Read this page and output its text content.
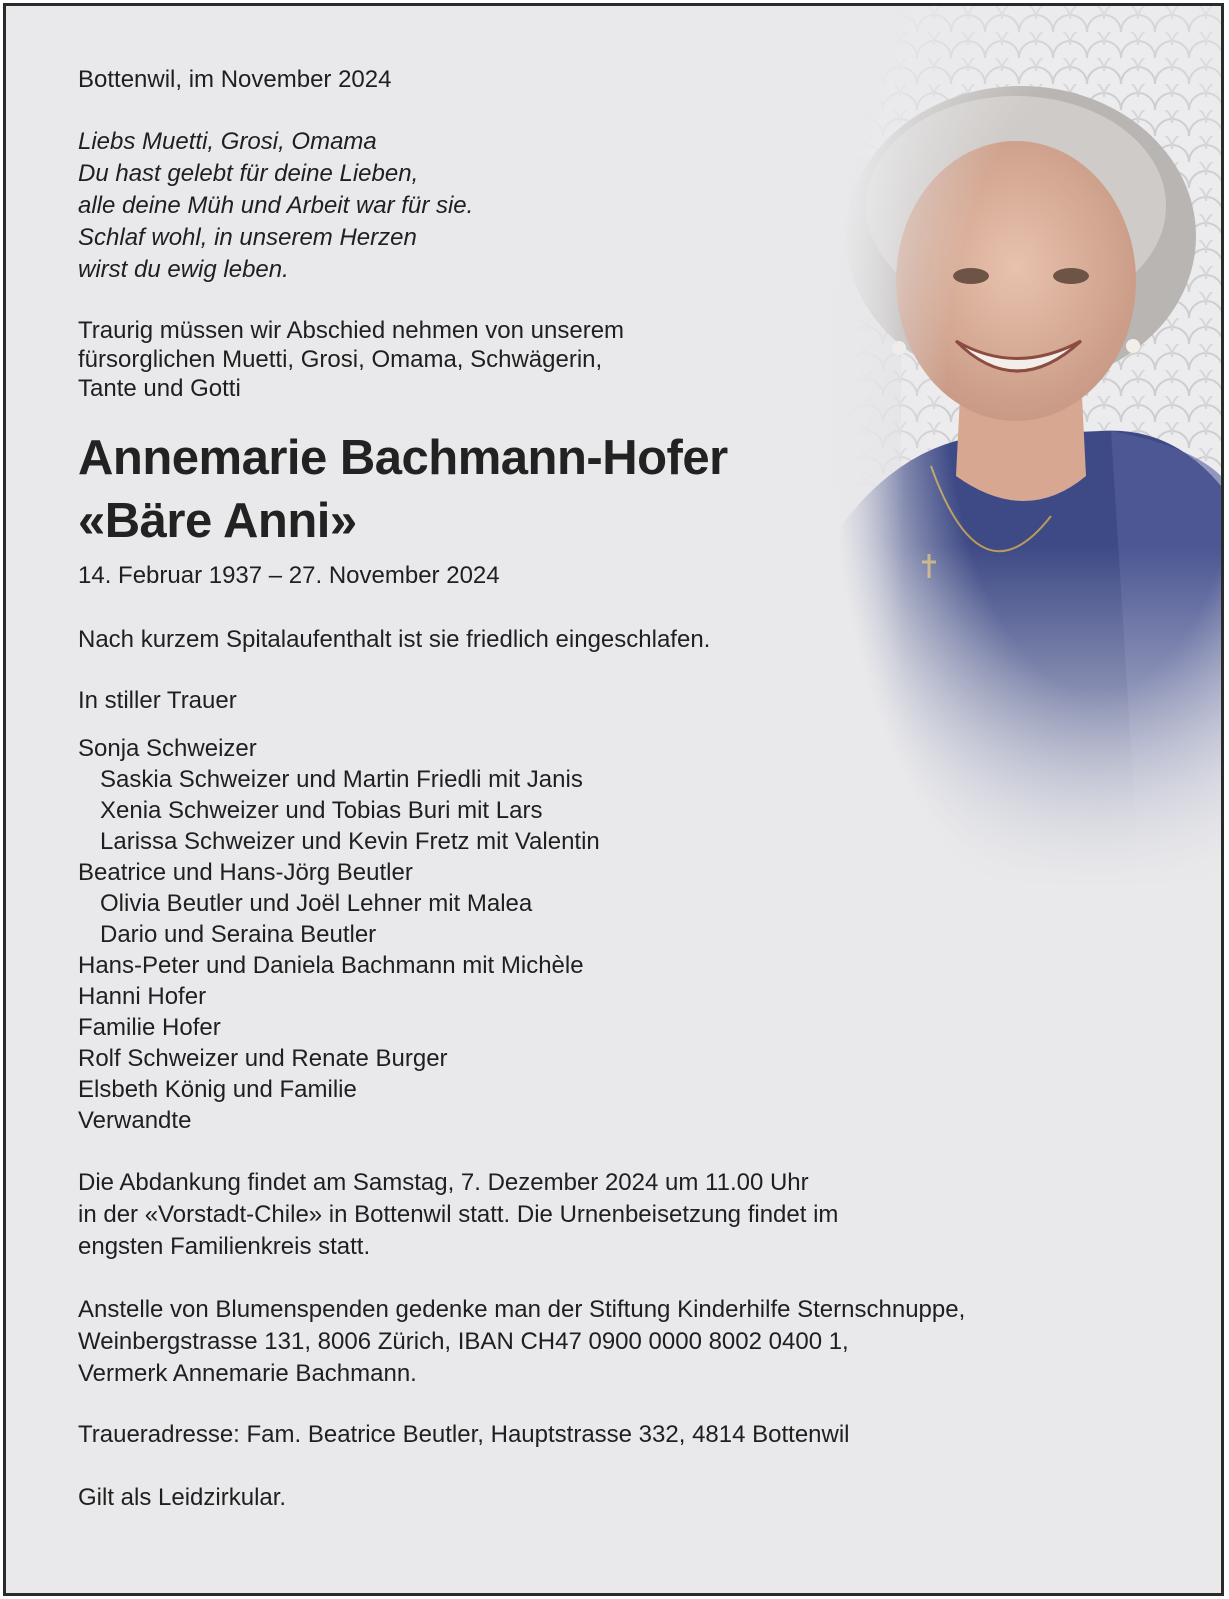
Bottenwil, im November 2024

Liebs Muetti, Grosi, Omama

Du hast gelebt für deine Lieben,

alle deine Müh und Arbeit war für sie.

Schlaf wohl, in unserem Herzen

wirst du ewig leben.

Traurig müssen wir Abschied nehmen von unserem

fürsorglichen Muetti, Grosi, Omama, Schwägerin,

Tante und Gotti

Annemarie Bachmann-Hofer

«Bäre Anni»

14. Februar 1937 – 27. November 2024

Nach kurzem Spitalaufenthalt ist sie friedlich eingeschlafen.

In stiller Trauer

Sonja Schweizer

Saskia Schweizer und Martin Friedli mit Janis

Xenia Schweizer und Tobias Buri mit Lars

Larissa Schweizer und Kevin Fretz mit Valentin

Beatrice und Hans-Jörg Beutler

Olivia Beutler und Joël Lehner mit Malea

Dario und Seraina Beutler

Hans-Peter und Daniela Bachmann mit Michèle

Hanni Hofer

Familie Hofer

Rolf Schweizer und Renate Burger

Elsbeth König und Familie

Verwandte

Die Abdankung findet am Samstag, 7. Dezember 2024 um 11.00 Uhr

in der «Vorstadt-Chile» in Bottenwil statt. Die Urnenbeisetzung findet im

engsten Familienkreis statt.

Anstelle von Blumenspenden gedenke man der Stiftung Kinderhilfe Sternschnuppe,

Weinbergstrasse 131, 8006 Zürich, IBAN CH47 0900 0000 8002 0400 1,

Vermerk Annemarie Bachmann.

Traueradresse: Fam. Beatrice Beutler, Hauptstrasse 332, 4814 Bottenwil

Gilt als Leidzirkular.
